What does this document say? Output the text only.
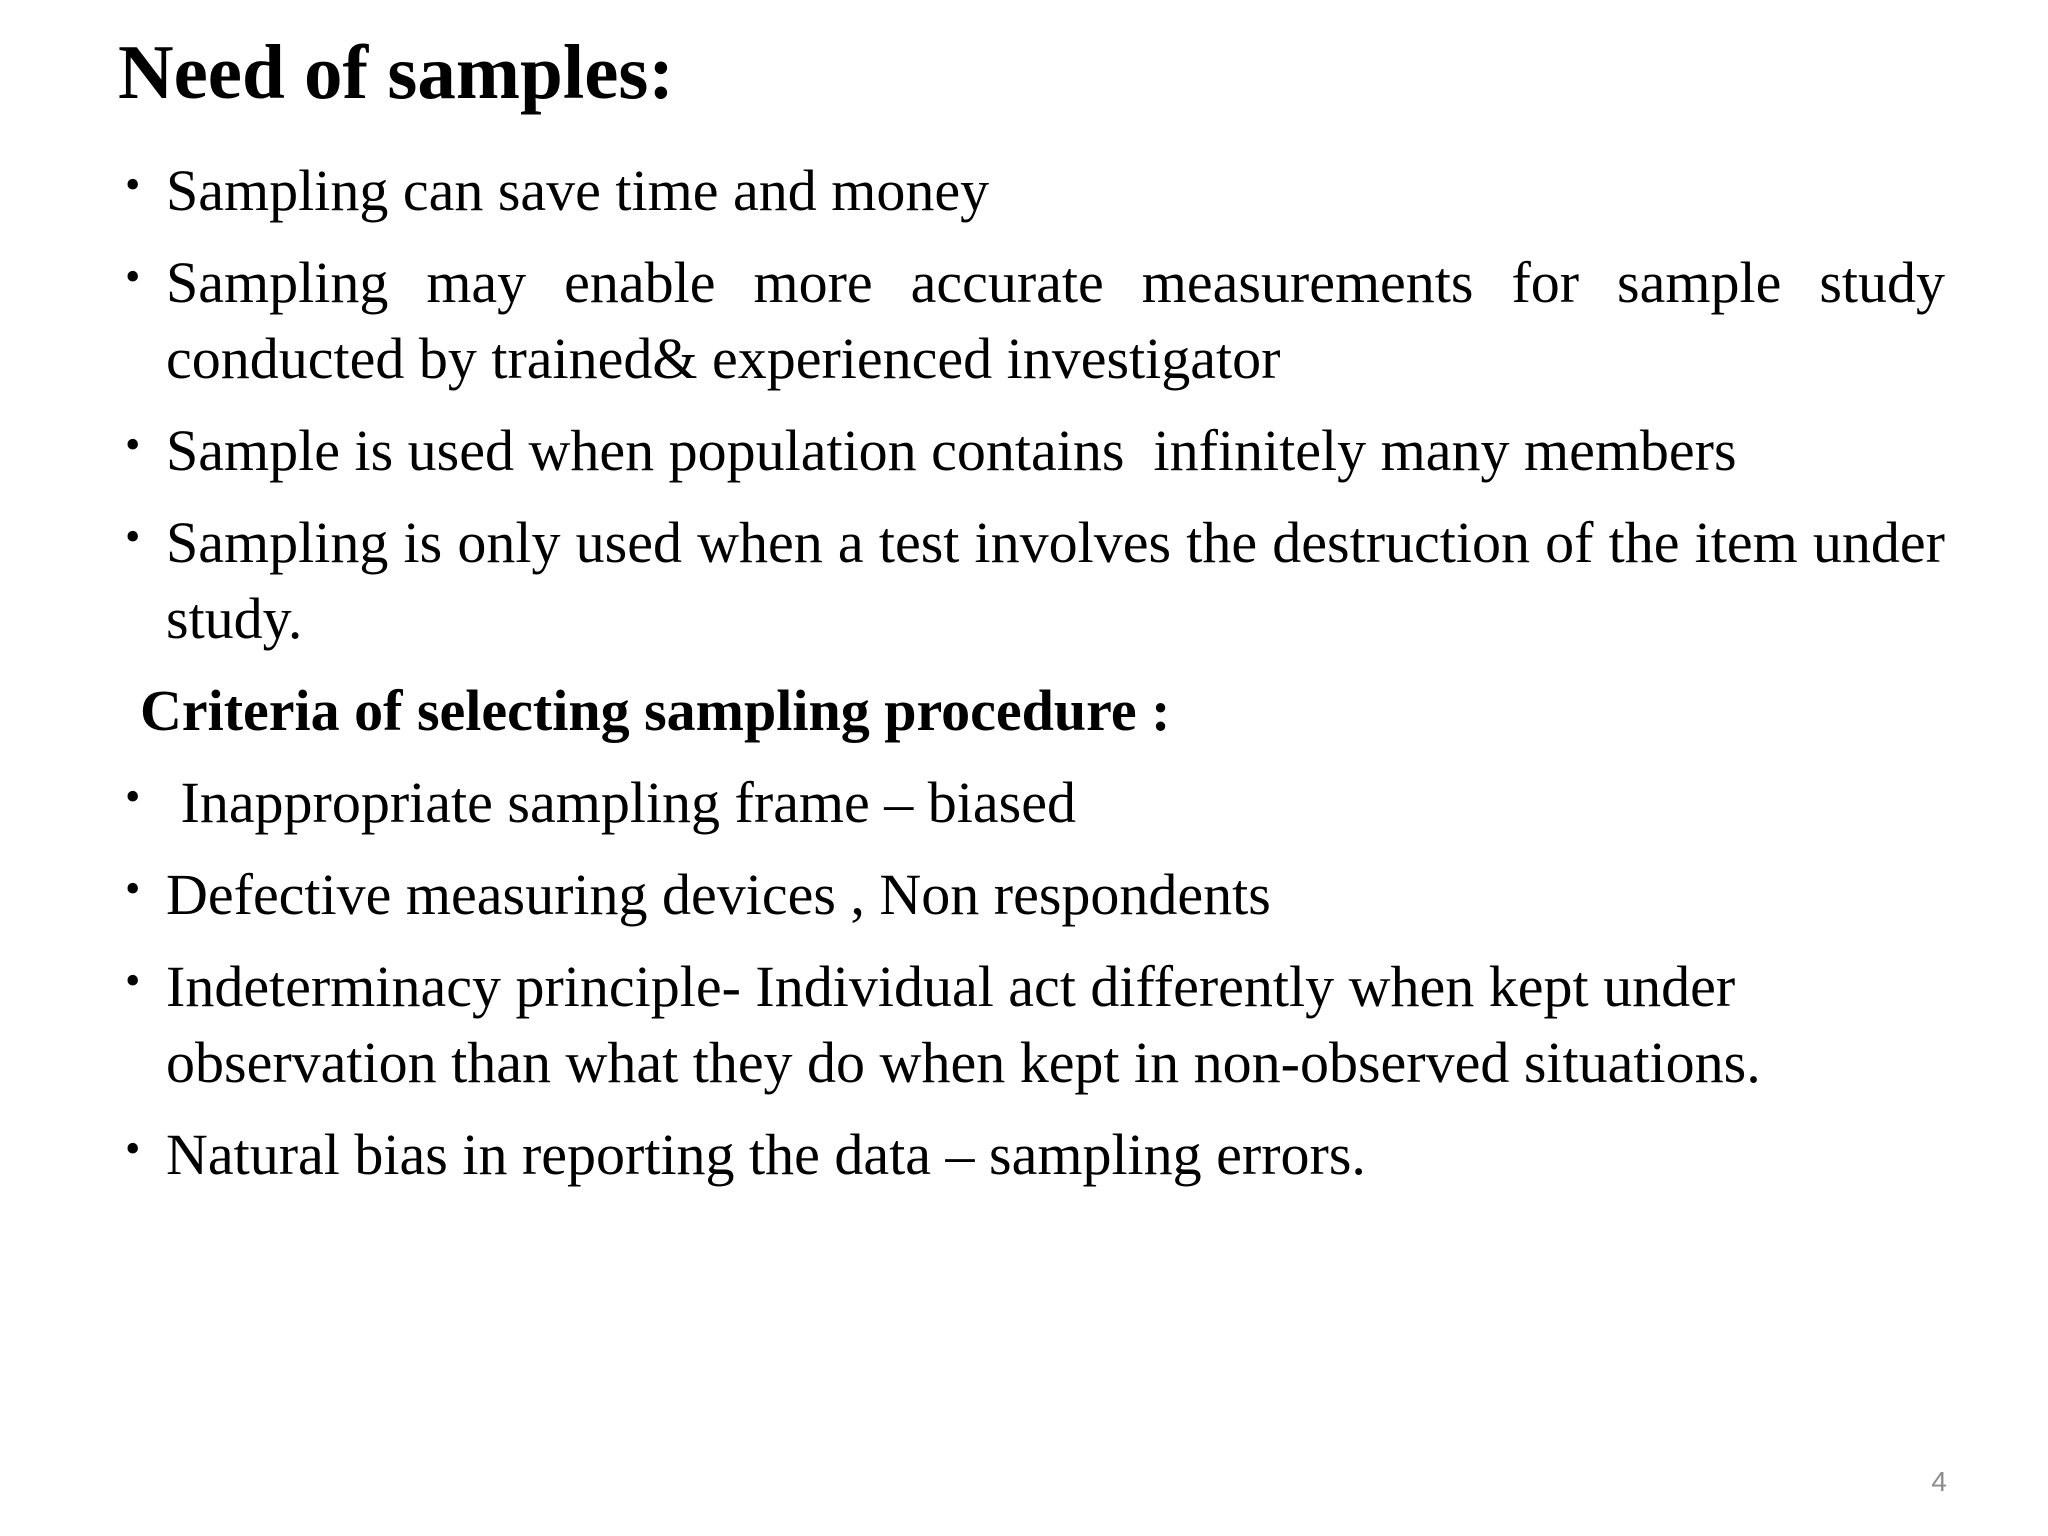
Need of samples:
• Sampling can save time and money
• Sampling may enable more accurate measurements for sample study conducted by trained& experienced investigator
• Sample is used when population contains  infinitely many members
• Sampling is only used when a test involves the destruction of the item under study.
Criteria of selecting sampling procedure :
• Inappropriate sampling frame – biased
• Defective measuring devices , Non respondents
• Indeterminacy principle- Individual act differently when kept under observation than what they do when kept in non-observed situations.
• Natural bias in reporting the data – sampling errors.
4
